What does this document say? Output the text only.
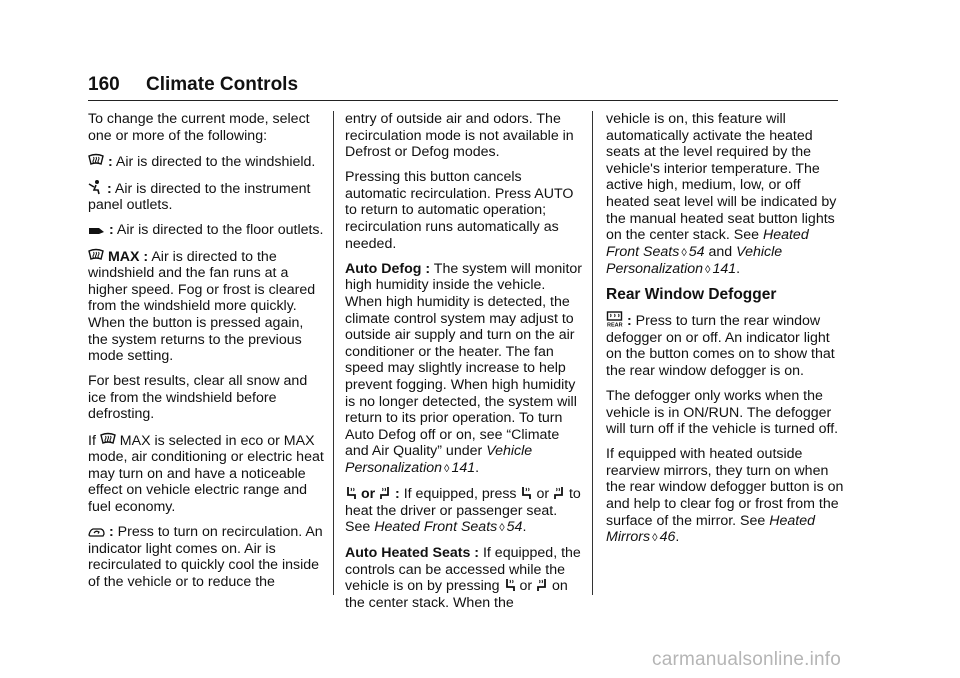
160 Climate Controls

To change the current mode, select one or more of the following:

: Air is directed to the windshield.

: Air is directed to the instrument panel outlets.

: Air is directed to the floor outlets.

MAX : Air is directed to the windshield and the fan runs at a higher speed. Fog or frost is cleared from the windshield more quickly. When the button is pressed again, the system returns to the previous mode setting.

For best results, clear all snow and ice from the windshield before defrosting.

If MAX is selected in eco or MAX mode, air conditioning or electric heat may turn on and have a noticeable effect on vehicle electric range and fuel economy.

: Press to turn on recirculation. An indicator light comes on. Air is recirculated to quickly cool the inside of the vehicle or to reduce the

entry of outside air and odors. The recirculation mode is not available in Defrost or Defog modes.

Pressing this button cancels automatic recirculation. Press AUTO to return to automatic operation; recirculation runs automatically as needed.

Auto Defog : The system will monitor high humidity inside the vehicle. When high humidity is detected, the climate control system may adjust to outside air supply and turn on the air conditioner or the heater. The fan speed may slightly increase to help prevent fogging. When high humidity is no longer detected, the system will return to its prior operation. To turn Auto Defog off or on, see “Climate and Air Quality” under Vehicle Personalization ◊ 141.

or : If equipped, press or to heat the driver or passenger seat. See Heated Front Seats ◊ 54.

Auto Heated Seats : If equipped, the controls can be accessed while the vehicle is on by pressing or on the center stack. When the

vehicle is on, this feature will automatically activate the heated seats at the level required by the vehicle's interior temperature. The active high, medium, low, or off heated seat level will be indicated by the manual heated seat button lights on the center stack. See Heated Front Seats ◊ 54 and Vehicle Personalization ◊ 141.

Rear Window Defogger

REAR : Press to turn the rear window defogger on or off. An indicator light on the button comes on to show that the rear window defogger is on.

The defogger only works when the vehicle is in ON/RUN. The defogger will turn off if the vehicle is turned off.

If equipped with heated outside rearview mirrors, they turn on when the rear window defogger button is on and help to clear fog or frost from the surface of the mirror. See Heated Mirrors ◊ 46.

carmanualsonline.info
